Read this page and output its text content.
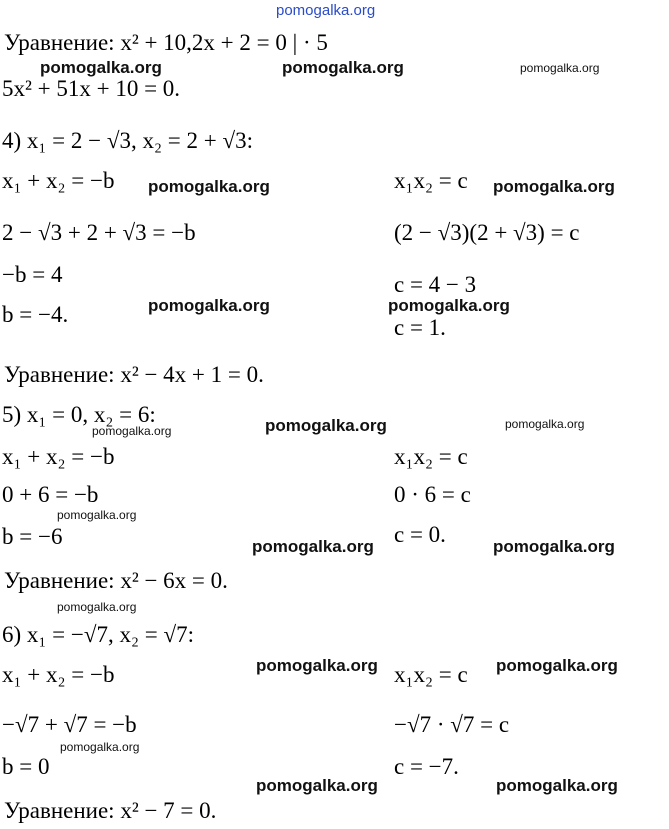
pomogalka.org
pomogalka.org	pomogalka.org	pomogalka.org
pomogalka.org	pomogalka.org
pomogalka.org	pomogalka.org
pomogalka.org	pomogalka.org	pomogalka.org
pomogalka.org
pomogalka.org	pomogalka.org
pomogalka.org
pomogalka.org	pomogalka.org
pomogalka.org
pomogalka.org	pomogalka.org
Уравнение: x² + 10,2x + 2 = 0 | · 5
5x² + 51x + 10 = 0.
4) x₁ = 2 − √3, x₂ = 2 + √3:
x₁ + x₂ = −b	x₁x₂ = c
2 − √3 + 2 + √3 = −b	(2 − √3)(2 + √3) = c
−b = 4	c = 4 − 3
b = −4.
c = 1.
Уравнение: x² − 4x + 1 = 0.
5) x₁ = 0, x₂ = 6:
x₁ + x₂ = −b	x₁x₂ = c
0 + 6 = −b	0 · 6 = c
b = −6	c = 0.
Уравнение: x² − 6x = 0.
6) x₁ = −√7, x₂ = √7:
x₁ + x₂ = −b	x₁x₂ = c
−√7 + √7 = −b	−√7 · √7 = c
b = 0	c = −7.
Уравнение: x² − 7 = 0.
